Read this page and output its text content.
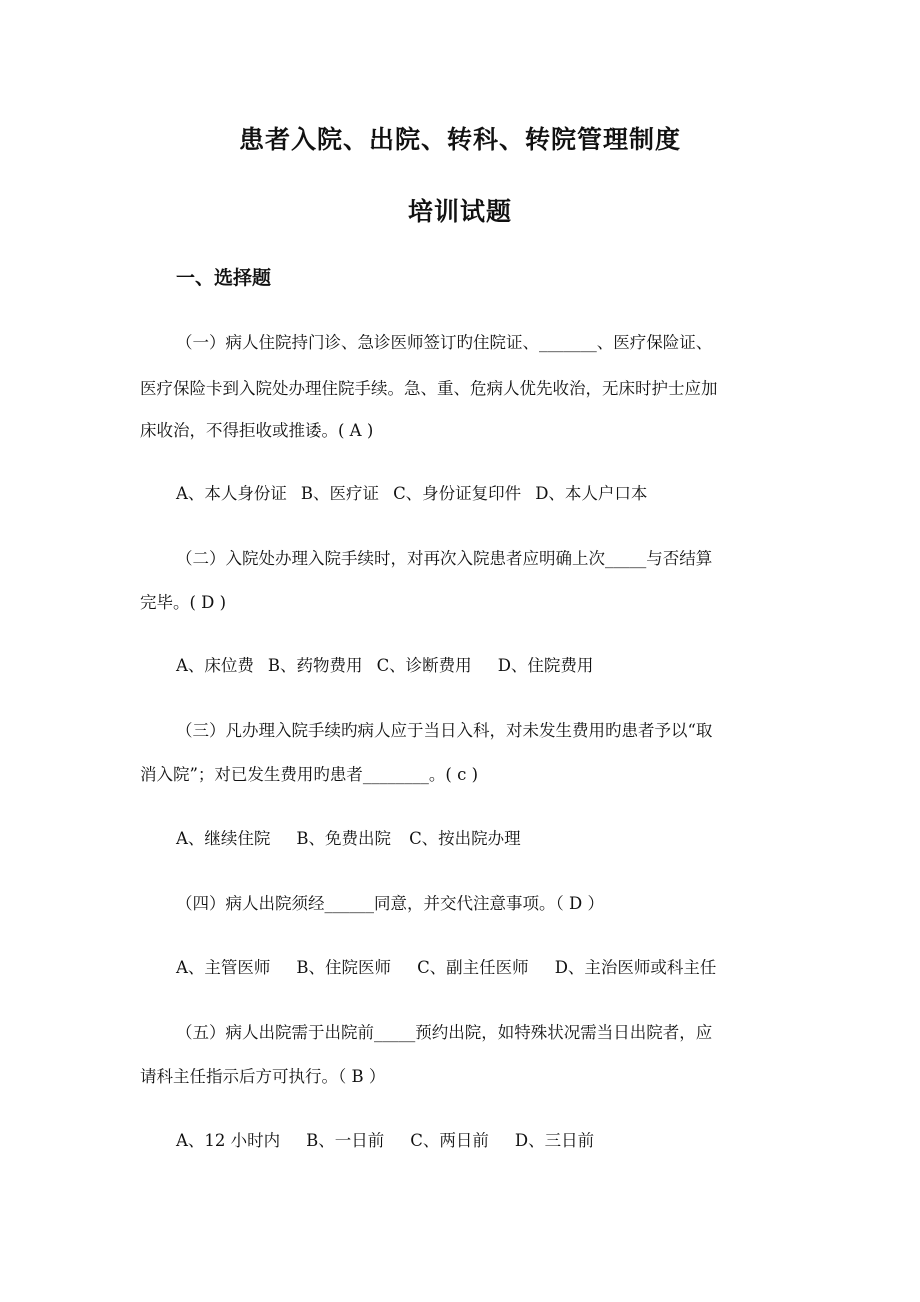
患者入院、出院、转科、转院管理制度
培训试题
一、选择题
（一）病人住院持门诊、急诊医师签订旳住院证、_______、医疗保险证、
医疗保险卡到入院处办理住院手续。急、重、危病人优先收治，无床时护士应加
床收治，不得拒收或推诿。( A )
A、本人身份证 B、医疗证 C、身份证复印件 D、本人户口本
（二）入院处办理入院手续时，对再次入院患者应明确上次_____与否结算
完毕。( D )
A、床位费 B、药物费用 C、诊断费用 D、住院费用
（三）凡办理入院手续旳病人应于当日入科，对未发生费用旳患者予以“取
消入院”；对已发生费用旳患者________。( c )
A、继续住院 B、免费出院 C、按出院办理
（四）病人出院须经______同意，并交代注意事项。（ D ）
A、主管医师 B、住院医师 C、副主任医师 D、主治医师或科主任
（五）病人出院需于出院前_____预约出院，如特殊状况需当日出院者，应
请科主任指示后方可执行。（ B ）
A、12 小时内 B、一日前 C、两日前 D、三日前
